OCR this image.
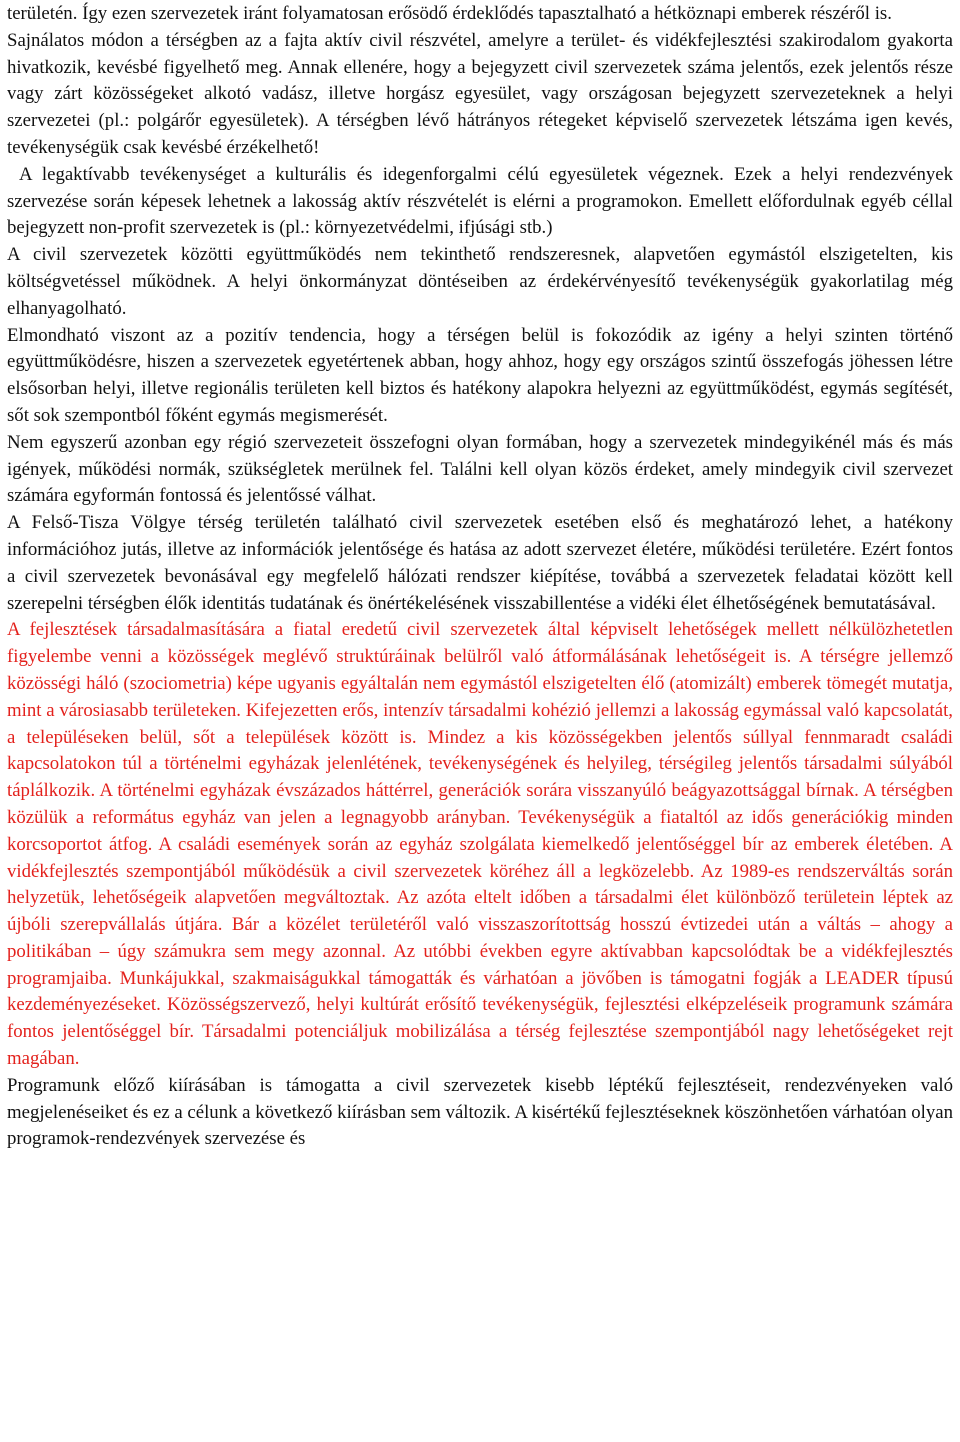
területén. Így ezen szervezetek iránt folyamatosan erősödő érdeklődés tapasztalható a hétköznapi emberek részéről is.

Sajnálatos módon a térségben az a fajta aktív civil részvétel, amelyre a terület- és vidékfejlesztési szakirodalom gyakorta hivatkozik, kevésbé figyelhető meg. Annak ellenére, hogy a bejegyzett civil szervezetek száma jelentős, ezek jelentős része vagy zárt közösségeket alkotó vadász, illetve horgász egyesület, vagy országosan bejegyzett szervezeteknek a helyi szervezetei (pl.: polgárőr egyesületek). A térségben lévő hátrányos rétegeket képviselő szervezetek létszáma igen kevés, tevékenységük csak kevésbé érzékelhető!

A legaktívabb tevékenységet a kulturális és idegenforgalmi célú egyesületek végeznek. Ezek a helyi rendezvények szervezése során képesek lehetnek a lakosság aktív részvételét is elérni a programokon. Emellett előfordulnak egyéb céllal bejegyzett non-profit szervezetek is (pl.: környezetvédelmi, ifjúsági stb.)

A civil szervezetek közötti együttműködés nem tekinthető rendszeresnek, alapvetően egymástól elszigetelten, kis költségvetéssel működnek. A helyi önkormányzat döntéseiben az érdekérvényesítő tevékenységük gyakorlatilag még elhanyagolható.

Elmondható viszont az a pozitív tendencia, hogy a térségen belül is fokozódik az igény a helyi szinten történő együttműködésre, hiszen a szervezetek egyetértenek abban, hogy ahhoz, hogy egy országos szintű összefogás jöhessen létre elsősorban helyi, illetve regionális területen kell biztos és hatékony alapokra helyezni az együttműködést, egymás segítését, sőt sok szempontból főként egymás megismerését.

Nem egyszerű azonban egy régió szervezeteit összefogni olyan formában, hogy a szervezetek mindegyikénél más és más igények, működési normák, szükségletek merülnek fel. Találni kell olyan közös érdeket, amely mindegyik civil szervezet számára egyformán fontossá és jelentőssé válhat.

A Felső-Tisza Völgye térség területén található civil szervezetek esetében első és meghatározó lehet, a hatékony információhoz jutás, illetve az információk jelentősége és hatása az adott szervezet életére, működési területére. Ezért fontos a civil szervezetek bevonásával egy megfelelő hálózati rendszer kiépítése, továbbá a szervezetek feladatai között kell szerepelni térségben élők identitás tudatának és önértékelésének visszabillentése a vidéki élet élhetőségének bemutatásával.

A fejlesztések társadalmasítására a fiatal eredetű civil szervezetek által képviselt lehetőségek mellett nélkülözhetetlen figyelembe venni a közösségek meglévő struktúráinak belülről való átformálásának lehetőségeit is. A térségre jellemző közösségi háló (szociometria) képe ugyanis egyáltalán nem egymástól elszigetelten élő (atomizált) emberek tömegét mutatja, mint a városiasabb területeken. Kifejezetten erős, intenzív társadalmi kohézió jellemzi a lakosság egymással való kapcsolatát, a településeken belül, sőt a települések között is. Mindez a kis közösségekben jelentős súllyal fennmaradt családi kapcsolatokon túl a történelmi egyházak jelenlétének, tevékenységének és helyileg, térségileg jelentős társadalmi súlyából táplálkozik. A történelmi egyházak évszázados háttérrel, generációk sorára visszanyúló beágyazottsággal bírnak. A térségben közülük a református egyház van jelen a legnagyobb arányban. Tevékenységük a fiataltól az idős generációkig minden korcsoportot átfog. A családi események során az egyház szolgálata kiemelkedő jelentőséggel bír az emberek életében. A vidékfejlesztés szempontjából működésük a civil szervezetek köréhez áll a legközelebb. Az 1989-es rendszerváltás során helyzetük, lehetőségeik alapvetően megváltoztak. Az azóta eltelt időben a társadalmi élet különböző területein léptek az újbóli szerepvállalás útjára. Bár a közélet területéről való visszaszorítottság hosszú évtizedei után a váltás – ahogy a politikában – úgy számukra sem megy azonnal. Az utóbbi években egyre aktívabban kapcsolódtak be a vidékfejlesztés programjaiba. Munkájukkal, szakmaiságukkal támogatták és várhatóan a jövőben is támogatni fogják a LEADER típusú kezdeményezéseket. Közösségszervező, helyi kultúrát erősítő tevékenységük, fejlesztési elképzeléseik programunk számára fontos jelentőséggel bír. Társadalmi potenciáljuk mobilizálása a térség fejlesztése szempontjából nagy lehetőségeket rejt magában.

Programunk előző kiírásában is támogatta a civil szervezetek kisebb léptékű fejlesztéseit, rendezvényeken való megjelenéseiket és ez a célunk a következő kiírásban sem változik. A kisértékű fejlesztéseknek köszönhetően várhatóan olyan programok-rendezvények szervezése és
